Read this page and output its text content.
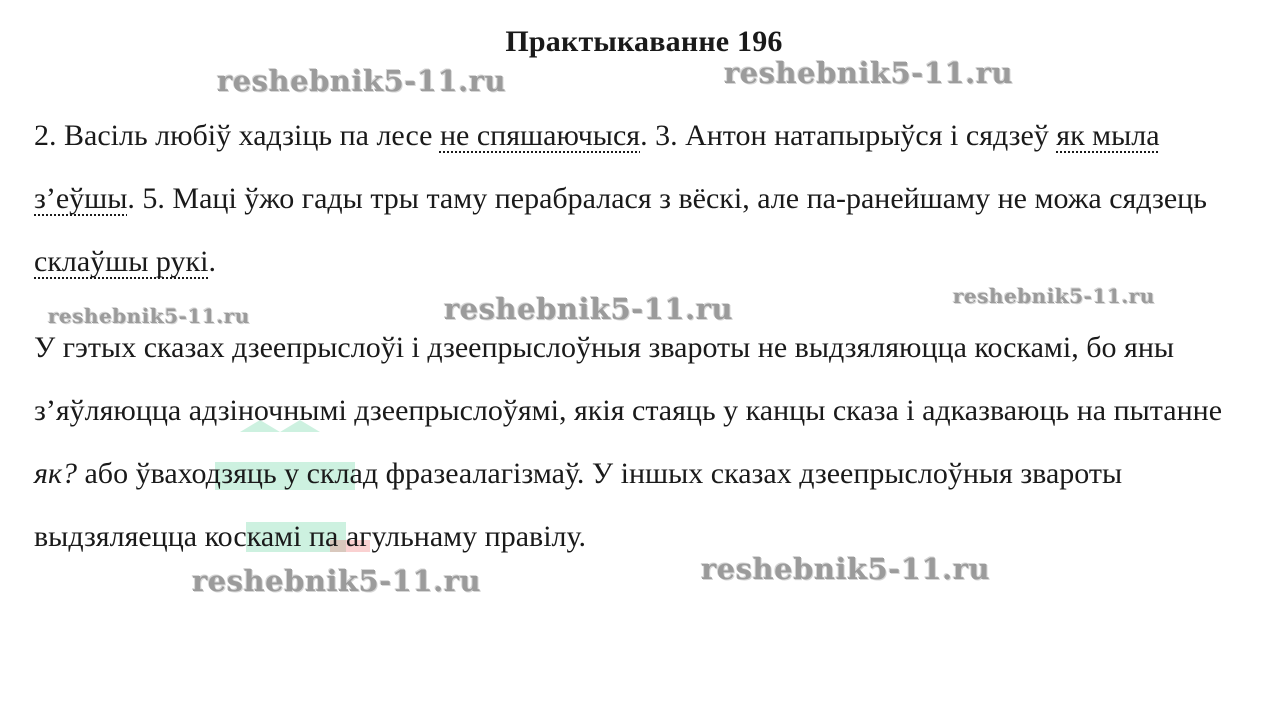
Практыкаванне 196

2. Васіль любіў хадзіць па лесе не спяшаючыся. 3. Антон натапырыўся і сядзеў як мыла з’еўшы. 5. Маці ўжо гады тры таму перабралася з вёскі, але па-ранейшаму не можа сядзець склаўшы рукі.

У гэтых сказах дзеепрыслоўі і дзеепрыслоўныя звароты не выдзяляюцца коскамі, бо яны з’яўляюцца адзіночнымі дзеепрыслоўямі, якія стаяць у канцы сказа і адказваюць на пытанне як? або ўваходзяць у склад фразеалагізмаў. У іншых сказах дзеепрыслоўныя звароты выдзяляецца коскамі па агульнаму правілу.

reshebnik5-11.ru	reshebnik5-11.ru
reshebnik5-11.ru	reshebnik5-11.ru	reshebnik5-11.ru
reshebnik5-11.ru	reshebnik5-11.ru
